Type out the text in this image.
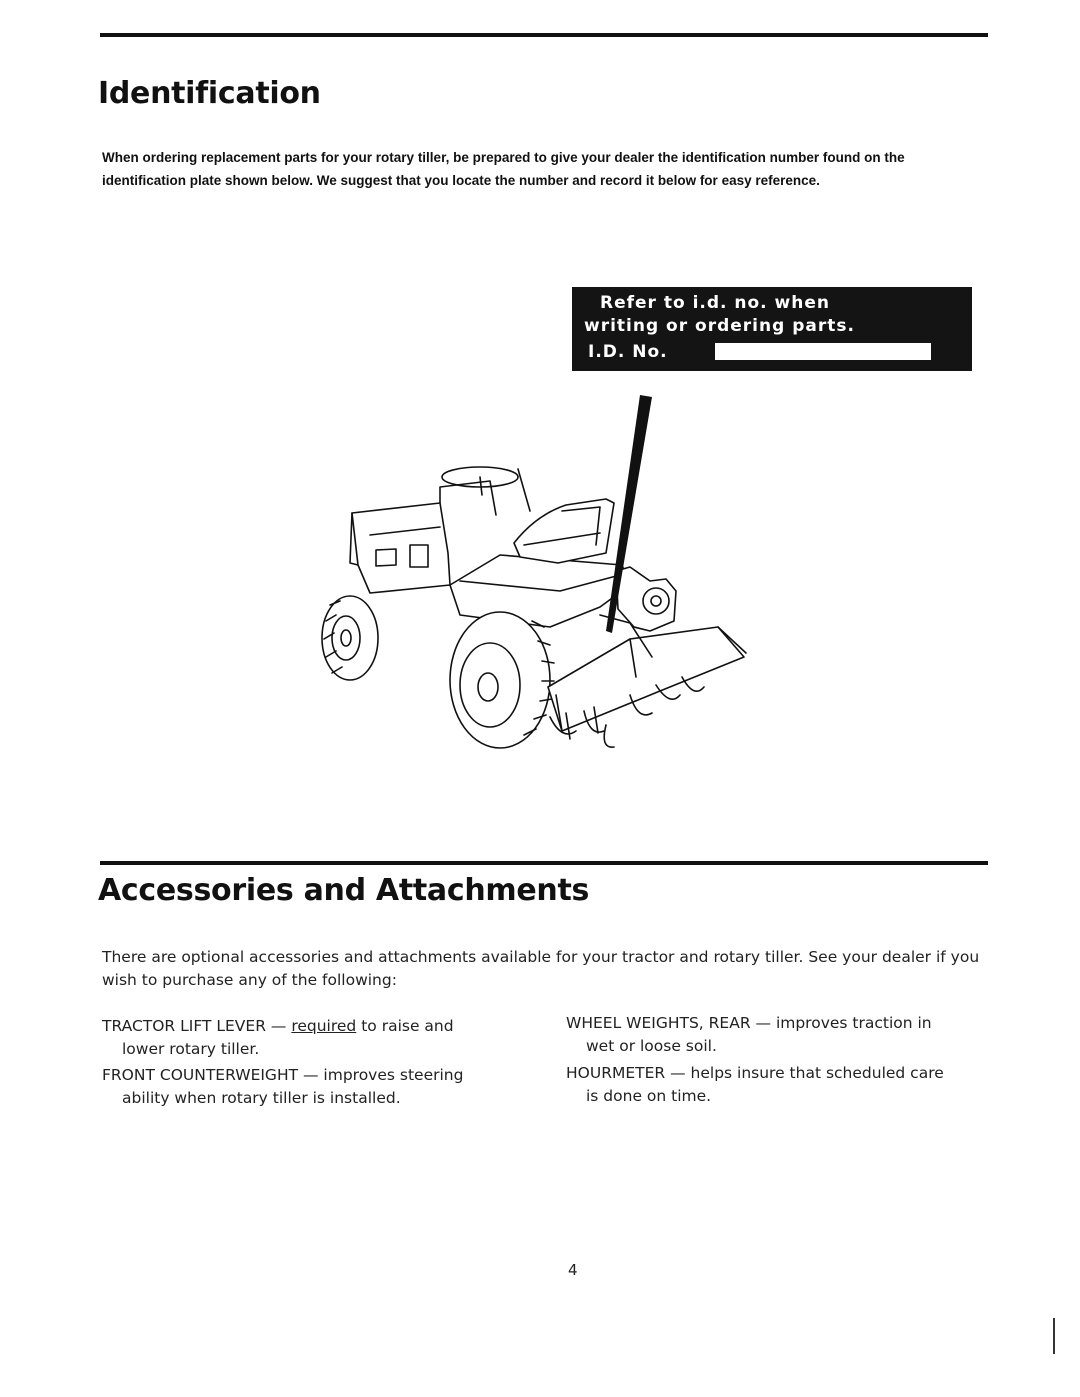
Identification

When ordering replacement parts for your rotary tiller, be prepared to give your dealer the identification number found on the identification plate shown below. We suggest that you locate the number and record it below for easy reference.

Refer to i.d. no. when
writing or ordering parts.
I.D. No.
Accessories and Attachments

There are optional accessories and attachments available for your tractor and rotary tiller. See your dealer if you wish to purchase any of the following:

TRACTOR LIFT LEVER — required to raise and
lower rotary tiller.
FRONT COUNTERWEIGHT — improves steering
ability when rotary tiller is installed.
WHEEL WEIGHTS, REAR — improves traction in
wet or loose soil.
HOURMETER — helps insure that scheduled care
is done on time.
4
